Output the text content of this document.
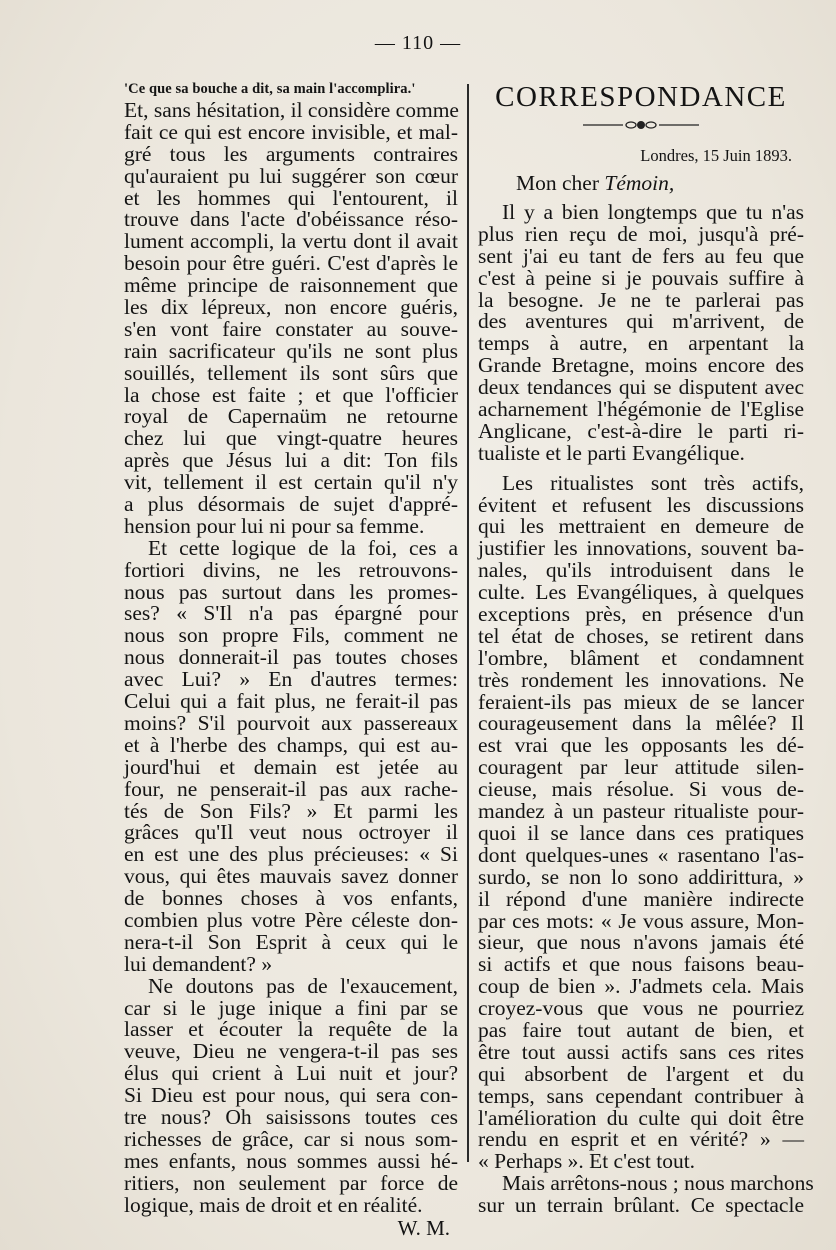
— 110 —
'Ce que sa bouche a dit, sa main l'accomplira.'
Et, sans hésitation, il considère comme
fait ce qui est encore invisible, et mal-
gré tous les arguments contraires
qu'auraient pu lui suggérer son cœur
et les hommes qui l'entourent, il
trouve dans l'acte d'obéissance réso-
lument accompli, la vertu dont il avait
besoin pour être guéri. C'est d'après le
même principe de raisonnement que
les dix lépreux, non encore guéris,
s'en vont faire constater au souve-
rain sacrificateur qu'ils ne sont plus
souillés, tellement ils sont sûrs que
la chose est faite ; et que l'officier
royal de Capernaüm ne retourne
chez lui que vingt-quatre heures
après que Jésus lui a dit: Ton fils
vit, tellement il est certain qu'il n'y
a plus désormais de sujet d'appré-
hension pour lui ni pour sa femme.
Et cette logique de la foi, ces a
fortiori divins, ne les retrouvons-
nous pas surtout dans les promes-
ses? « S'Il n'a pas épargné pour
nous son propre Fils, comment ne
nous donnerait-il pas toutes choses
avec Lui? » En d'autres termes:
Celui qui a fait plus, ne ferait-il pas
moins? S'il pourvoit aux passereaux
et à l'herbe des champs, qui est au-
jourd'hui et demain est jetée au
four, ne penserait-il pas aux rache-
tés de Son Fils? » Et parmi les
grâces qu'Il veut nous octroyer il
en est une des plus précieuses: « Si
vous, qui êtes mauvais savez donner
de bonnes choses à vos enfants,
combien plus votre Père céleste don-
nera-t-il Son Esprit à ceux qui le
lui demandent? »
Ne doutons pas de l'exaucement,
car si le juge inique a fini par se
lasser et écouter la requête de la
veuve, Dieu ne vengera-t-il pas ses
élus qui crient à Lui nuit et jour?
Si Dieu est pour nous, qui sera con-
tre nous? Oh saisissons toutes ces
richesses de grâce, car si nous som-
mes enfants, nous sommes aussi hé-
ritiers, non seulement par force de
logique, mais de droit et en réalité.
W. M.
CORRESPONDANCE
Londres, 15 Juin 1893.
Mon cher Témoin,
Il y a bien longtemps que tu n'as
plus rien reçu de moi, jusqu'à pré-
sent j'ai eu tant de fers au feu que
c'est à peine si je pouvais suffire à
la besogne. Je ne te parlerai pas
des aventures qui m'arrivent, de
temps à autre, en arpentant la
Grande Bretagne, moins encore des
deux tendances qui se disputent avec
acharnement l'hégémonie de l'Eglise
Anglicane, c'est-à-dire le parti ri-
tualiste et le parti Evangélique.
Les ritualistes sont très actifs,
évitent et refusent les discussions
qui les mettraient en demeure de
justifier les innovations, souvent ba-
nales, qu'ils introduisent dans le
culte. Les Evangéliques, à quelques
exceptions près, en présence d'un
tel état de choses, se retirent dans
l'ombre, blâment et condamnent
très rondement les innovations. Ne
feraient-ils pas mieux de se lancer
courageusement dans la mêlée? Il
est vrai que les opposants les dé-
couragent par leur attitude silen-
cieuse, mais résolue. Si vous de-
mandez à un pasteur ritualiste pour-
quoi il se lance dans ces pratiques
dont quelques-unes « rasentano l'as-
surdo, se non lo sono addirittura, »
il répond d'une manière indirecte
par ces mots: « Je vous assure, Mon-
sieur, que nous n'avons jamais été
si actifs et que nous faisons beau-
coup de bien ». J'admets cela. Mais
croyez-vous que vous ne pourriez
pas faire tout autant de bien, et
être tout aussi actifs sans ces rites
qui absorbent de l'argent et du
temps, sans cependant contribuer à
l'amélioration du culte qui doit être
rendu en esprit et en vérité? » —
« Perhaps ». Et c'est tout.
Mais arrêtons-nous ; nous marchons
sur un terrain brûlant. Ce spectacle
